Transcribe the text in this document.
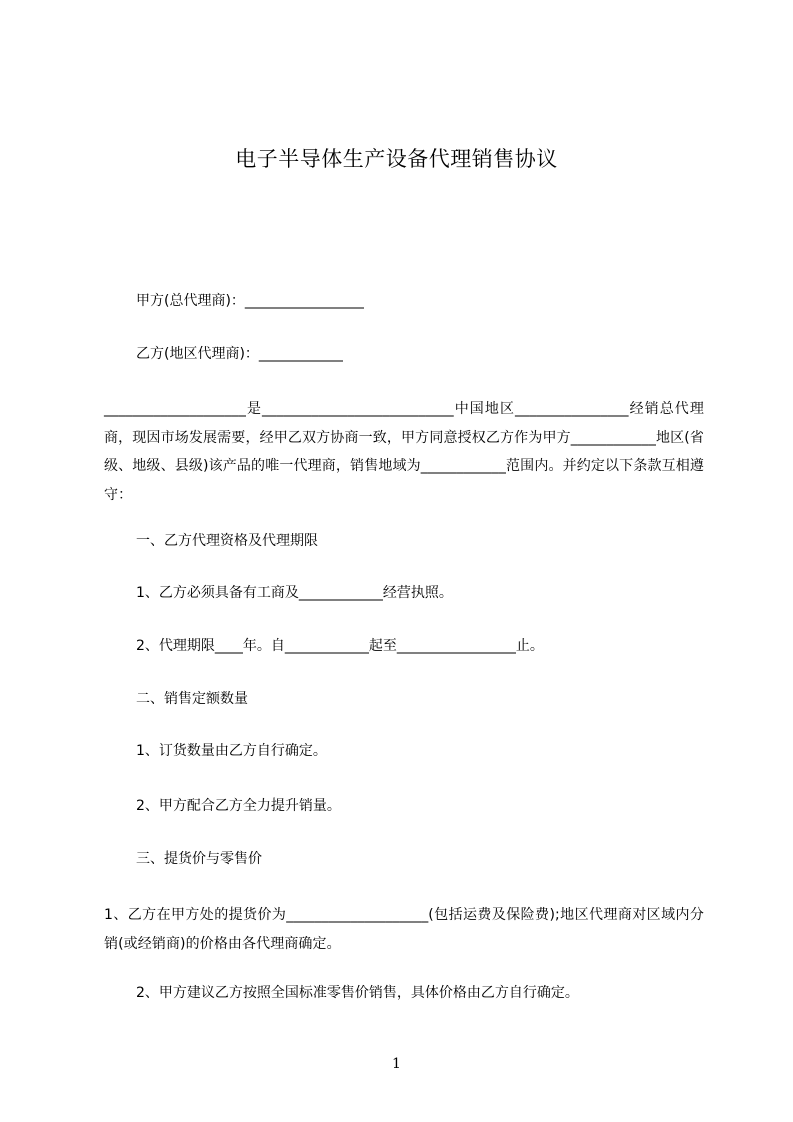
电子半导体生产设备代理销售协议

甲方(总代理商)：_________________

乙方(地区代理商)：____________

____________________是___________________________中国地区________________经销总代理商，现因市场发展需要，经甲乙双方协商一致，甲方同意授权乙方作为甲方____________地区(省级、地级、县级)该产品的唯一代理商，销售地域为____________范围内。并约定以下条款互相遵守：

一、乙方代理资格及代理期限

1、乙方必须具备有工商及____________经营执照。

2、代理期限____年。自____________起至_________________止。

二、销售定额数量

1、订货数量由乙方自行确定。

2、甲方配合乙方全力提升销量。

三、提货价与零售价

1、乙方在甲方处的提货价为____________________(包括运费及保险费);地区代理商对区域内分销(或经销商)的价格由各代理商确定。

2、甲方建议乙方按照全国标准零售价销售，具体价格由乙方自行确定。

1
